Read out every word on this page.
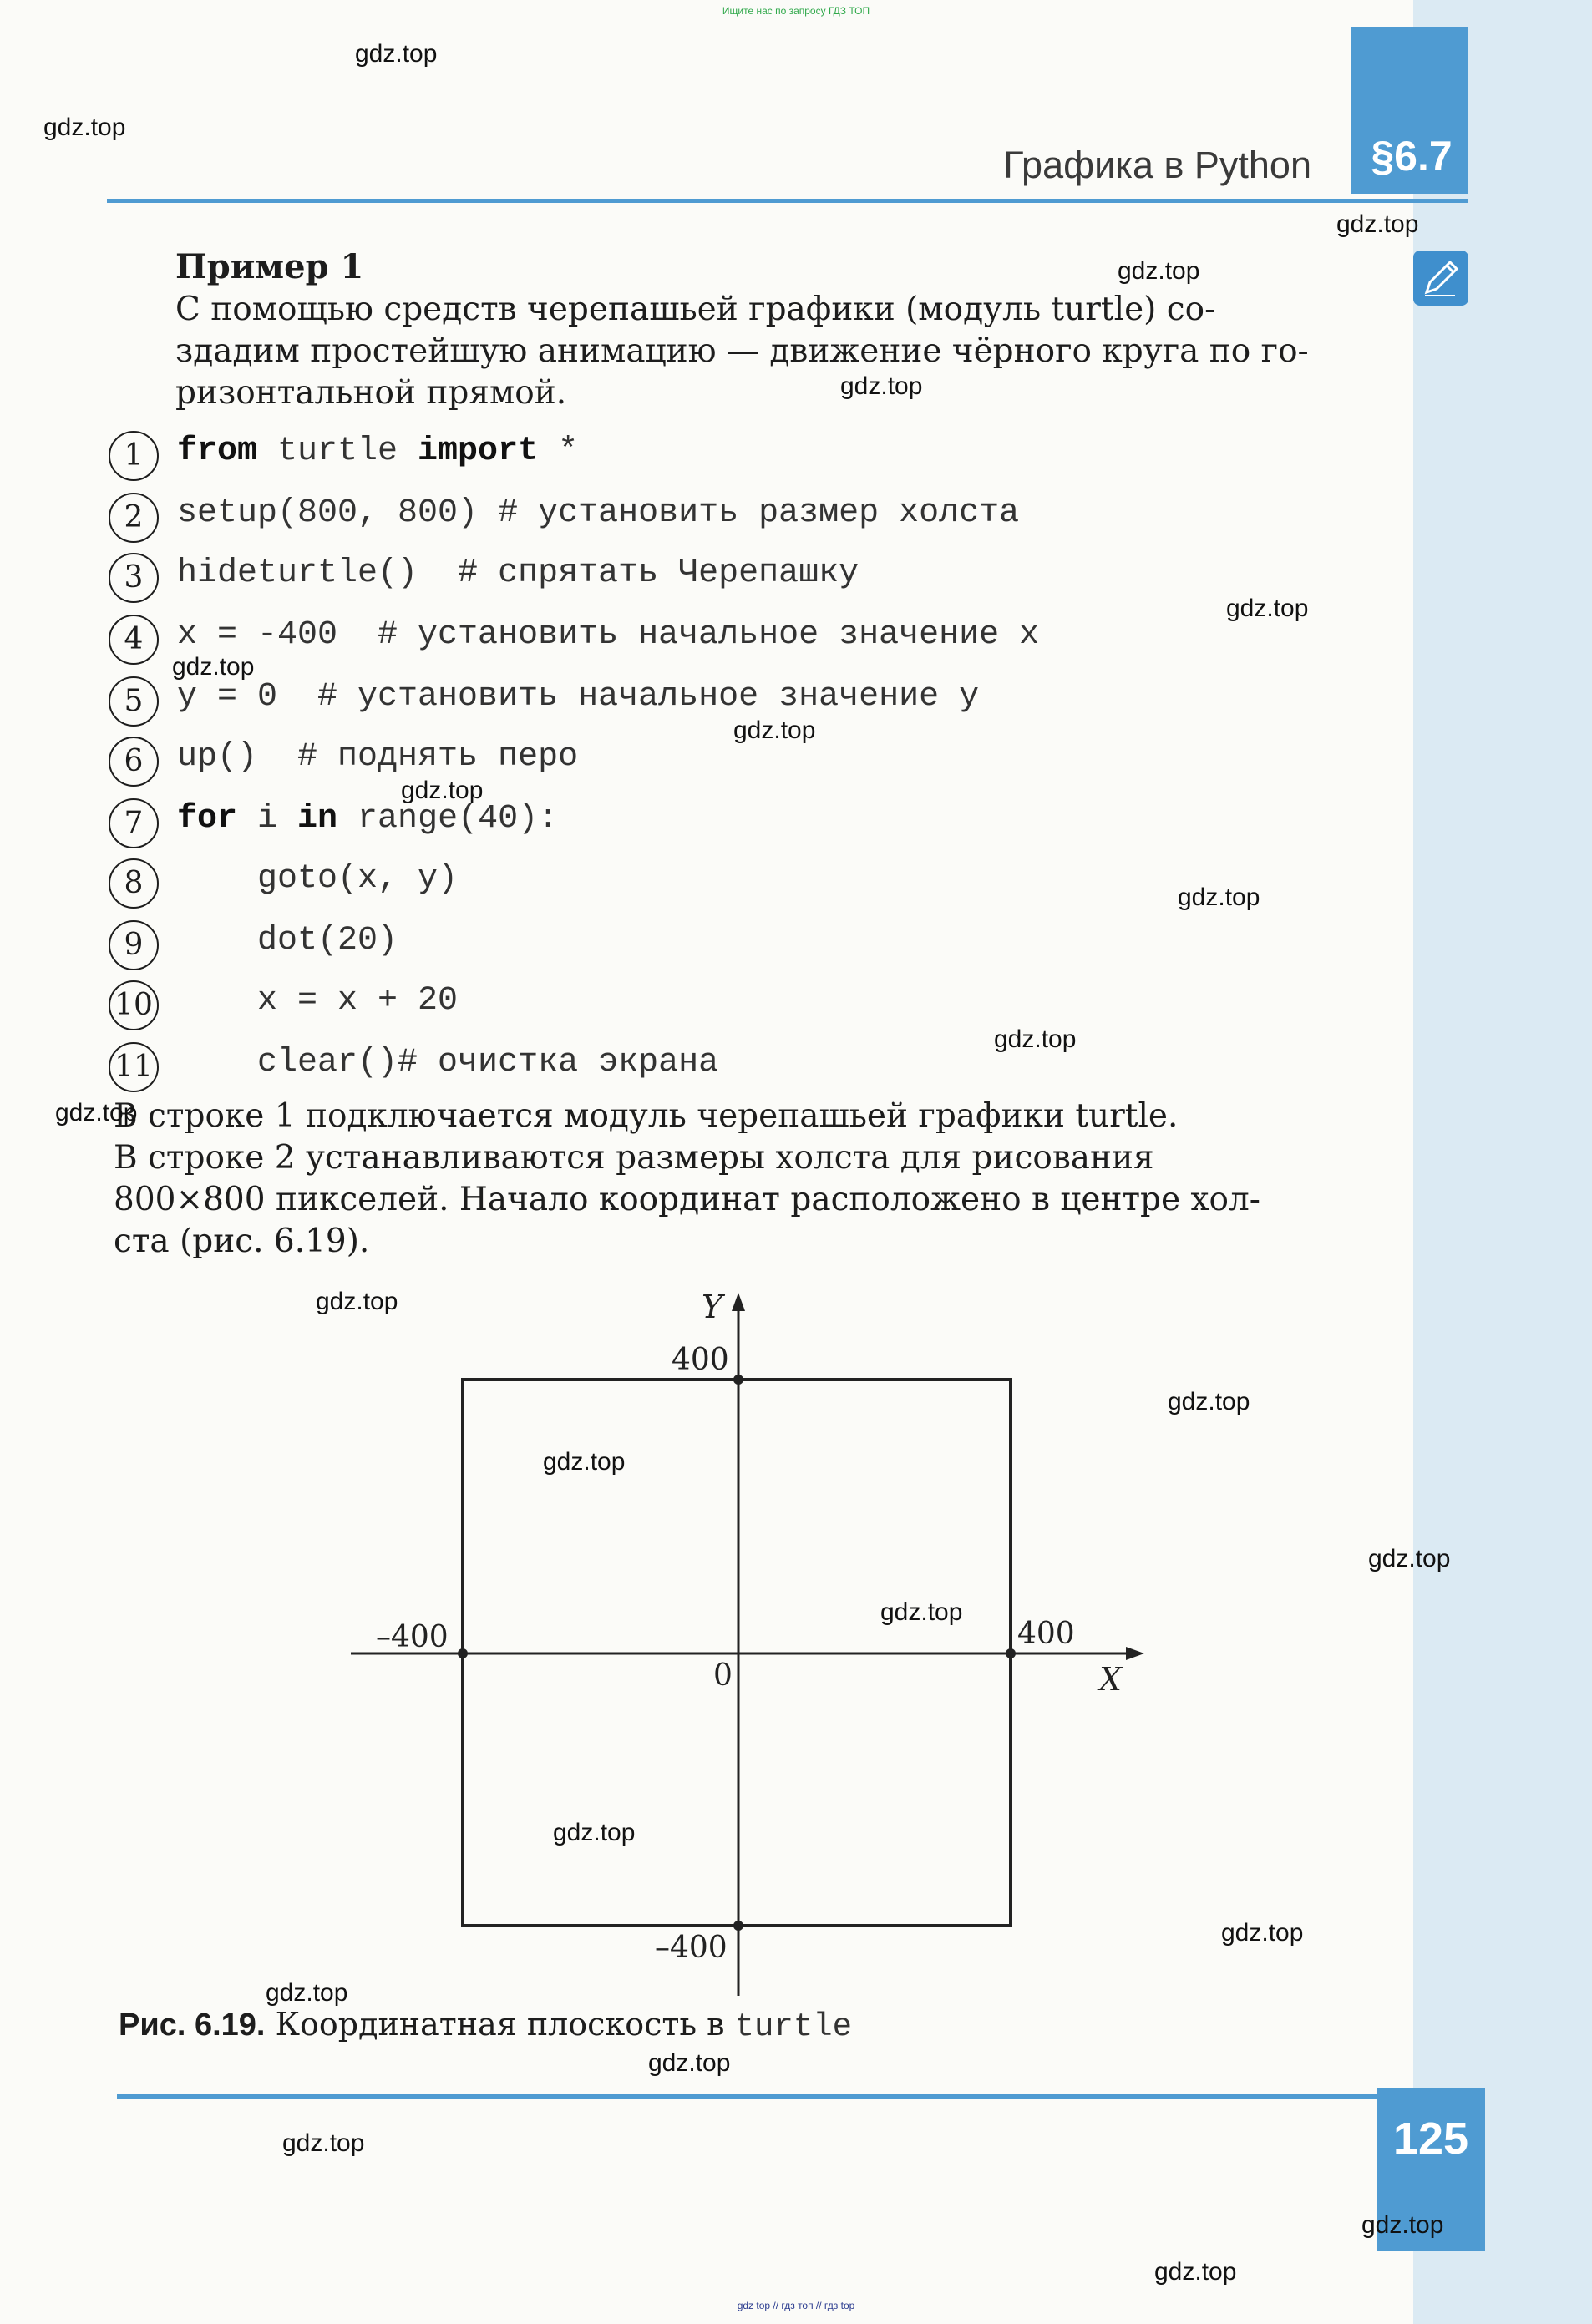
Ищите нас по запросу ГДЗ ТОП
§6.7
Графика в Python
Пример 1
С помощью средств черепашьей графики (модуль turtle) со-
здадим простейшую анимацию — движение чёрного круга по го-
ризонтальной прямой.
1	from turtle import *
2	setup(800, 800) # установить размер холста
3	hideturtle()  # спрятать Черепашку
4	x = -400  # установить начальное значение x
5	y = 0  # установить начальное значение y
6	up()  # поднять перо
7	for i in range(40):
8	goto(x, y)
9	dot(20)
10 x = x + 20
11 clear()# очистка экрана
В строке 1 подключается модуль черепашьей графики turtle.
В строке 2 устанавливаются размеры холста для рисования
800×800 пикселей. Начало координат расположено в центре хол-
ста (рис. 6.19).
Y
X
400
–400
–400	400
0
Рис. 6.19. Координатная плоскость в turtle
125
gdz.top
gdz.top
gdz.top
gdz.top
gdz.top
gdz.top
gdz.top
gdz.top
gdz.top
gdz.top
gdz.top
gdz.top
gdz.top
gdz.top
gdz.top
gdz.top
gdz.top
gdz.top
gdz.top
gdz.top
gdz.top
gdz.top
gdz.top
gdz.top
gdz top // гдз топ // гдз top
